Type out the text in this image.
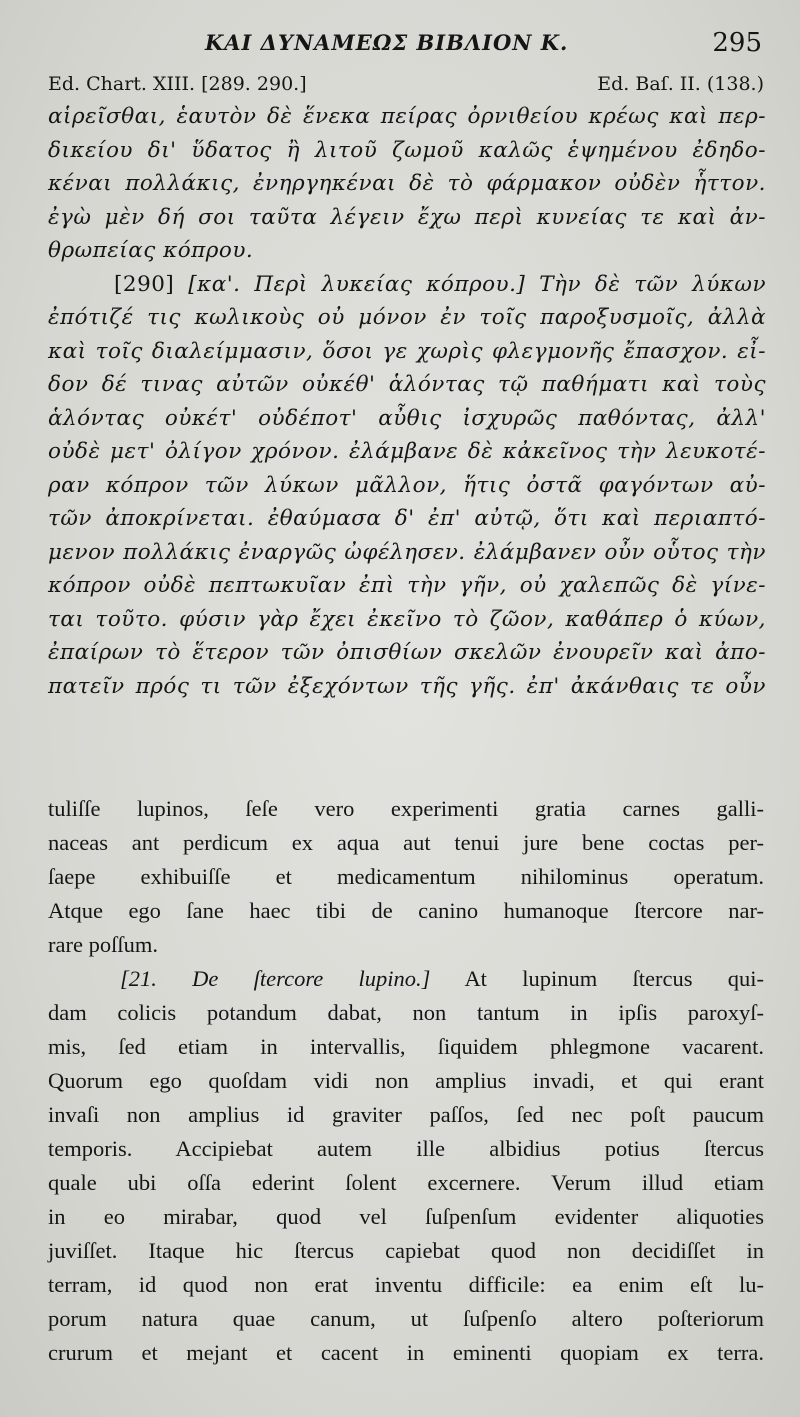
ΚΑΙ ΔΥΝΑΜΕΩΣ ΒΙΒΛΙΟΝ Κ.	295
Ed. Chart. XIII. [289. 290.]	Ed. Baſ. II. (138.)
αἱρεῖσθαι, ἑαυτὸν δὲ ἕνεκα πείρας ὀρνιθείου κρέως καὶ περ-
δικείου δι' ὕδατος ἢ λιτοῦ ζωμοῦ καλῶς ἑψημένου ἐδηδο-
κέναι πολλάκις, ἐνηργηκέναι δὲ τὸ φάρμακον οὐδὲν ἧττον.
ἐγὼ μὲν δή σοι ταῦτα λέγειν ἔχω περὶ κυνείας τε καὶ ἀν-
θρωπείας κόπρου.
[290] [κα'. Περὶ λυκείας κόπρου.] Τὴν δὲ τῶν λύκων
ἐπότιζέ τις κωλικοὺς οὐ μόνον ἐν τοῖς παροξυσμοῖς, ἀλλὰ
καὶ τοῖς διαλείμμασιν, ὅσοι γε χωρὶς φλεγμονῆς ἔπασχον. εἶ-
δον δέ τινας αὐτῶν οὐκέθ' ἁλόντας τῷ παθήματι καὶ τοὺς
ἁλόντας οὐκέτ' οὐδέποτ' αὖθις ἰσχυρῶς παθόντας, ἀλλ'
οὐδὲ μετ' ὀλίγον χρόνον. ἐλάμβανε δὲ κἀκεῖνος τὴν λευκοτέ-
ραν κόπρον τῶν λύκων μᾶλλον, ἥτις ὀστᾶ φαγόντων αὐ-
τῶν ἀποκρίνεται. ἐθαύμασα δ' ἐπ' αὐτῷ, ὅτι καὶ περιαπτό-
μενον πολλάκις ἐναργῶς ὠφέλησεν. ἐλάμβανεν οὖν οὗτος τὴν
κόπρον οὐδὲ πεπτωκυῖαν ἐπὶ τὴν γῆν, οὐ χαλεπῶς δὲ γίνε-
ται τοῦτο. φύσιν γὰρ ἔχει ἐκεῖνο τὸ ζῶον, καθάπερ ὁ κύων,
ἐπαίρων τὸ ἕτερον τῶν ὀπισθίων σκελῶν ἐνουρεῖν καὶ ἀπο-
πατεῖν πρός τι τῶν ἐξεχόντων τῆς γῆς. ἐπ' ἀκάνθαις τε οὖν
tuliſſe lupinos, ſeſe vero experimenti gratia carnes galli-
naceas ant perdicum ex aqua aut tenui jure bene coctas per-
ſaepe exhibuiſſe et medicamentum nihilominus operatum.
Atque ego ſane haec tibi de canino humanoque ſtercore nar-
rare poſſum.
[21. De ſtercore lupino.] At lupinum ſtercus qui-
dam colicis potandum dabat, non tantum in ipſis paroxyſ-
mis, ſed etiam in intervallis, ſiquidem phlegmone vacarent.
Quorum ego quoſdam vidi non amplius invadi, et qui erant
invaſi non amplius id graviter paſſos, ſed nec poſt paucum
temporis. Accipiebat autem ille albidius potius ſtercus
quale ubi oſſa ederint ſolent excernere. Verum illud etiam
in eo mirabar, quod vel ſuſpenſum evidenter aliquoties
juviſſet. Itaque hic ſtercus capiebat quod non decidiſſet in
terram, id quod non erat inventu difficile: ea enim eſt lu-
porum natura quae canum, ut ſuſpenſo altero poſteriorum
crurum et mejant et cacent in eminenti quopiam ex terra.
